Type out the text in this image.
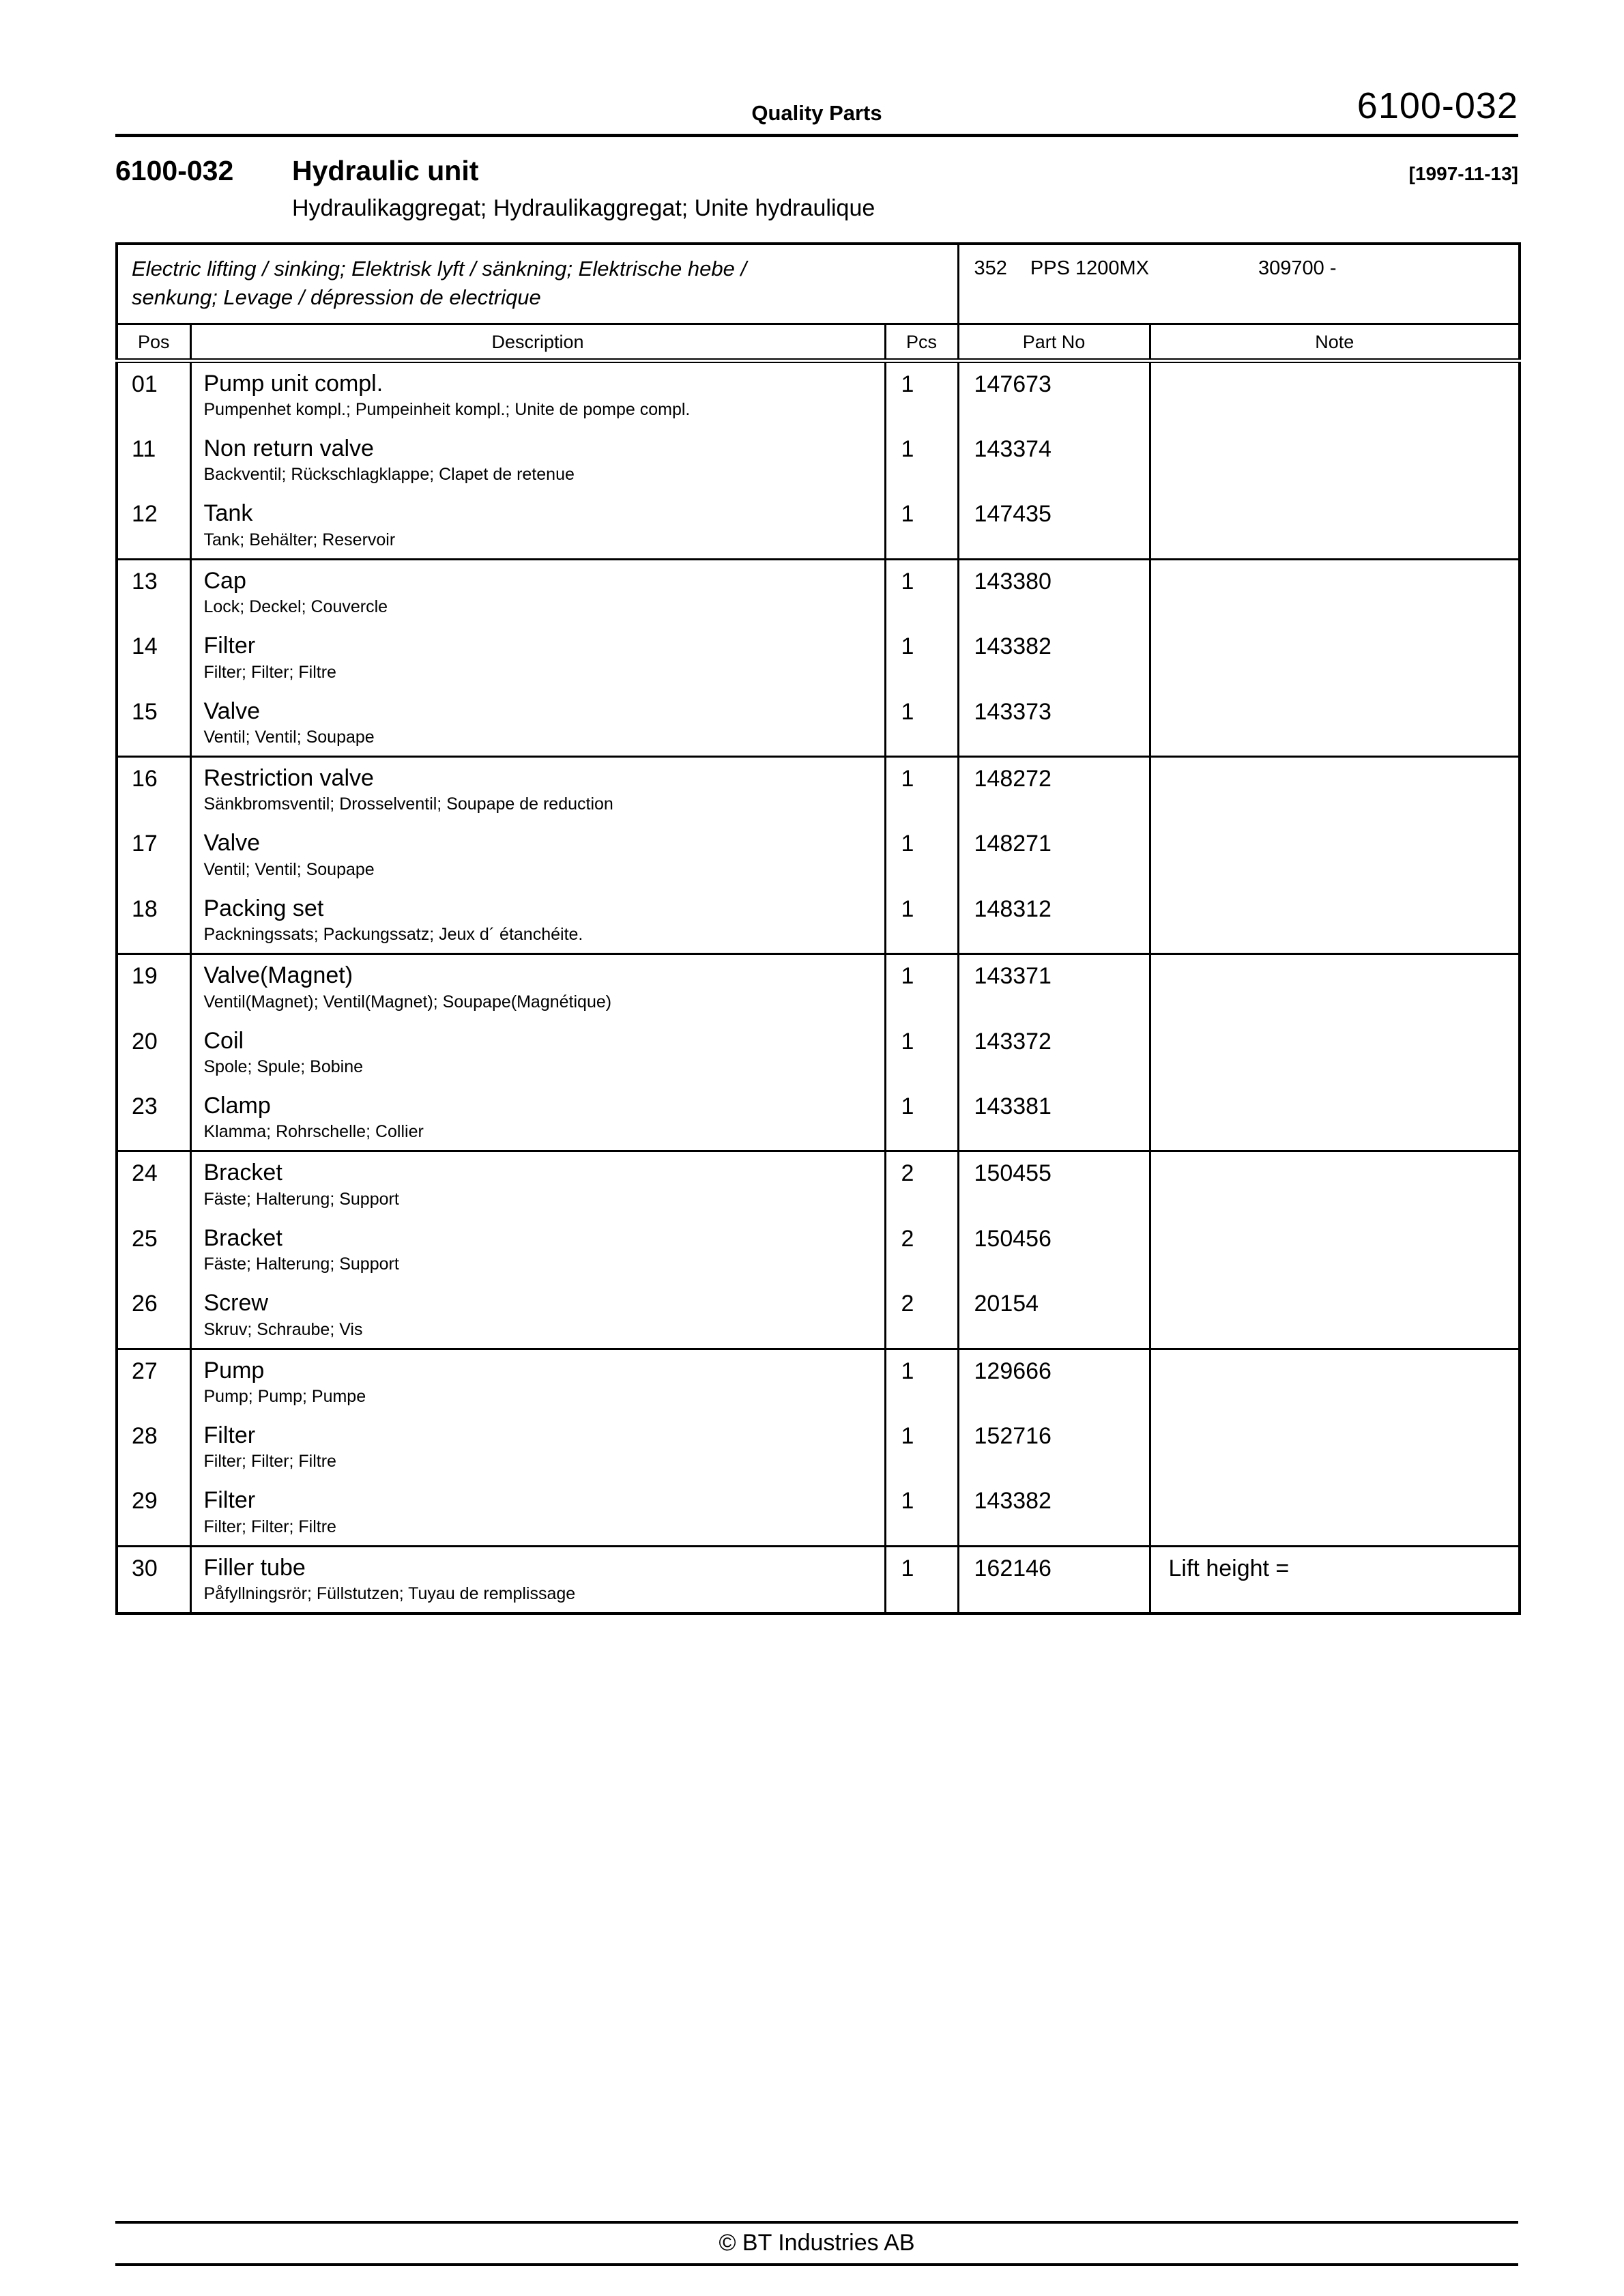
Quality Parts	6100-032
6100-032	Hydraulic unit	[1997-11-13]
Hydraulikaggregat; Hydraulikaggregat; Unite hydraulique
Electric lifting / sinking; Elektrisk lyft / sänkning; Elektrische hebe /
senkung; Levage / dépression de electrique			352 PPS 1200MX 309700 -	
Pos	Description	Pcs	Part No	Note
01	Pump unit compl.
Pumpenhet kompl.; Pumpeinheit kompl.; Unite de pompe compl.	1	147673	
11	Non return valve
Backventil; Rückschlagklappe; Clapet de retenue	1	143374	
12	Tank
Tank; Behälter; Reservoir	1	147435	
13	Cap
Lock; Deckel; Couvercle	1	143380	
14	Filter
Filter; Filter; Filtre	1	143382	
15	Valve
Ventil; Ventil; Soupape	1	143373	
16	Restriction valve
Sänkbromsventil; Drosselventil; Soupape de reduction	1	148272	
17	Valve
Ventil; Ventil; Soupape	1	148271	
18	Packing set
Packningssats; Packungssatz; Jeux d´ étanchéite.	1	148312	
19	Valve(Magnet)
Ventil(Magnet); Ventil(Magnet); Soupape(Magnétique)	1	143371	
20	Coil
Spole; Spule; Bobine	1	143372	
23	Clamp
Klamma; Rohrschelle; Collier	1	143381	
24	Bracket
Fäste; Halterung; Support	2	150455	
25	Bracket
Fäste; Halterung; Support	2	150456	
26	Screw
Skruv; Schraube; Vis	2	20154	
27	Pump
Pump; Pump; Pumpe	1	129666	
28	Filter
Filter; Filter; Filtre	1	152716	
29	Filter
Filter; Filter; Filtre	1	143382	
30	Filler tube
Påfyllningsrör; Füllstutzen; Tuyau de remplissage	1	162146	Lift height =
© BT Industries AB
